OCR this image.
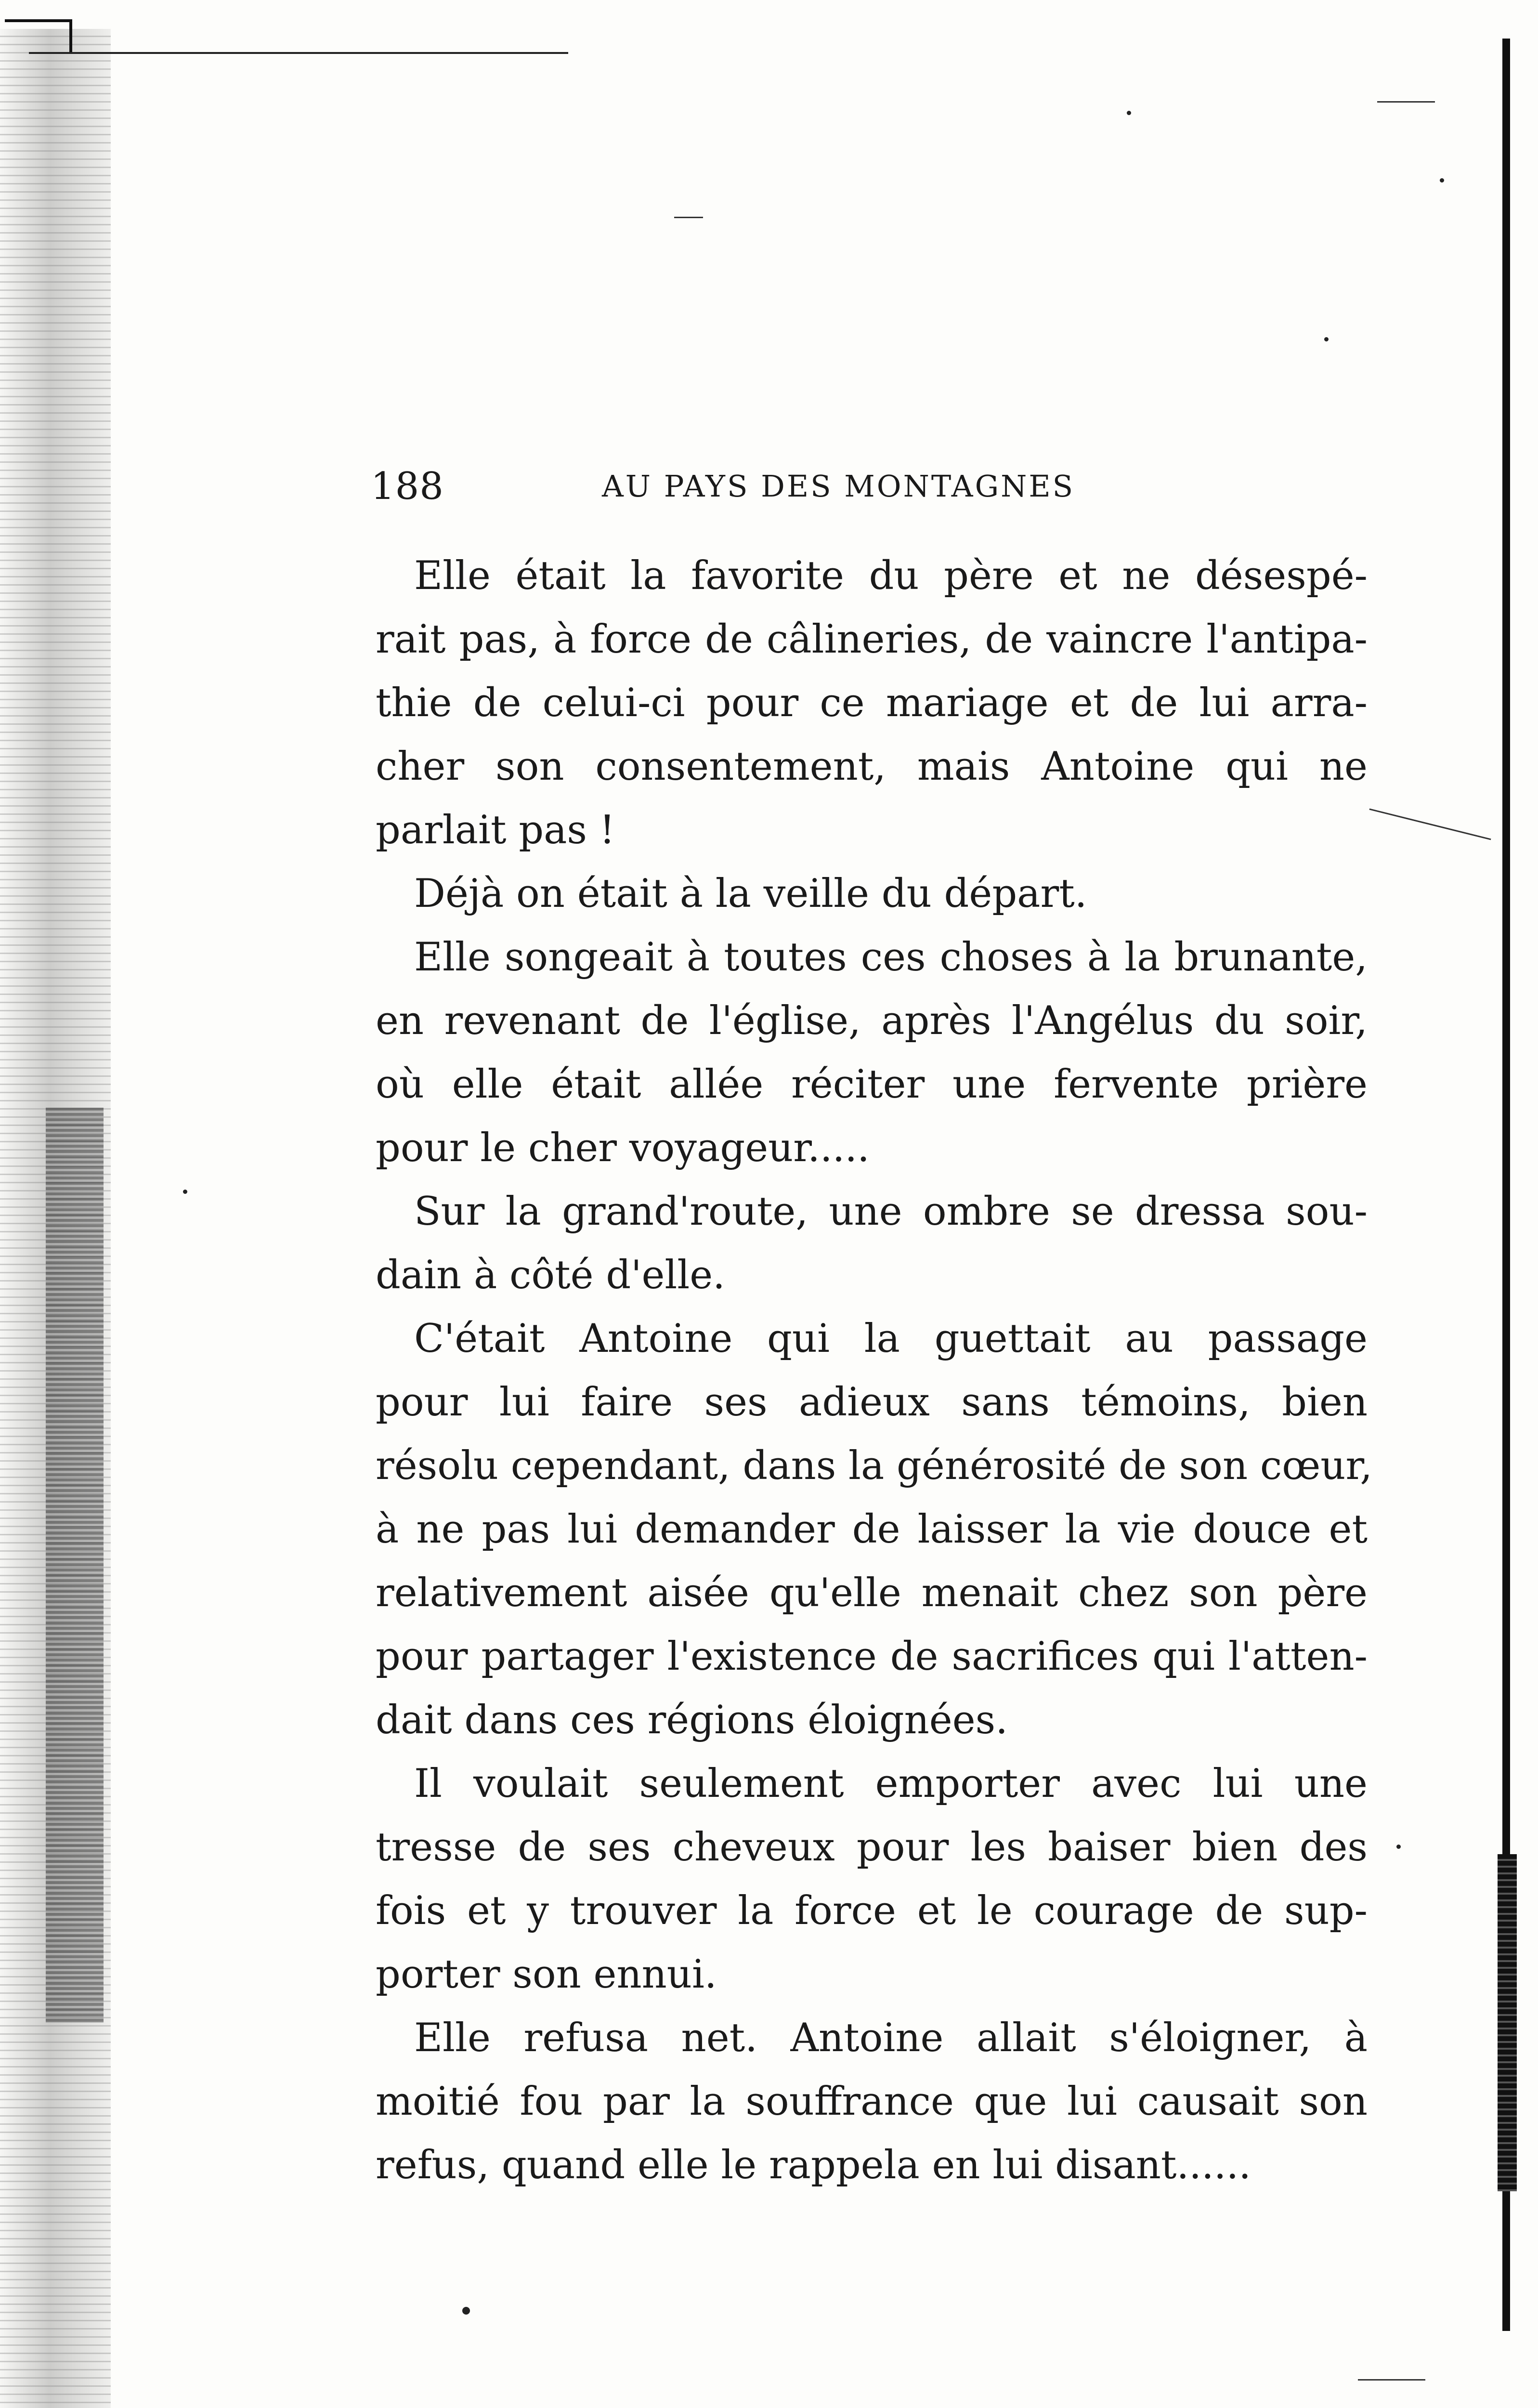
188	AU PAYS DES MONTAGNES
Elle était la favorite du père et ne désespé-
rait pas, à force de câlineries, de vaincre l'antipa-
thie de celui-ci pour ce mariage et de lui arra-
cher son consentement, mais Antoine qui ne
parlait pas !
Déjà on était à la veille du départ.
Elle songeait à toutes ces choses à la brunante,
en revenant de l'église, après l'Angélus du soir,
où elle était allée réciter une fervente prière
pour le cher voyageur.....
Sur la grand'route, une ombre se dressa sou-
dain à côté d'elle.
C'était Antoine qui la guettait au passage
pour lui faire ses adieux sans témoins, bien
résolu cependant, dans la générosité de son cœur,
à ne pas lui demander de laisser la vie douce et
relativement aisée qu'elle menait chez son père
pour partager l'existence de sacrifices qui l'atten-
dait dans ces régions éloignées.
Il voulait seulement emporter avec lui une
tresse de ses cheveux pour les baiser bien des
fois et y trouver la force et le courage de sup-
porter son ennui.
Elle refusa net. Antoine allait s'éloigner, à
moitié fou par la souffrance que lui causait son
refus, quand elle le rappela en lui disant......
